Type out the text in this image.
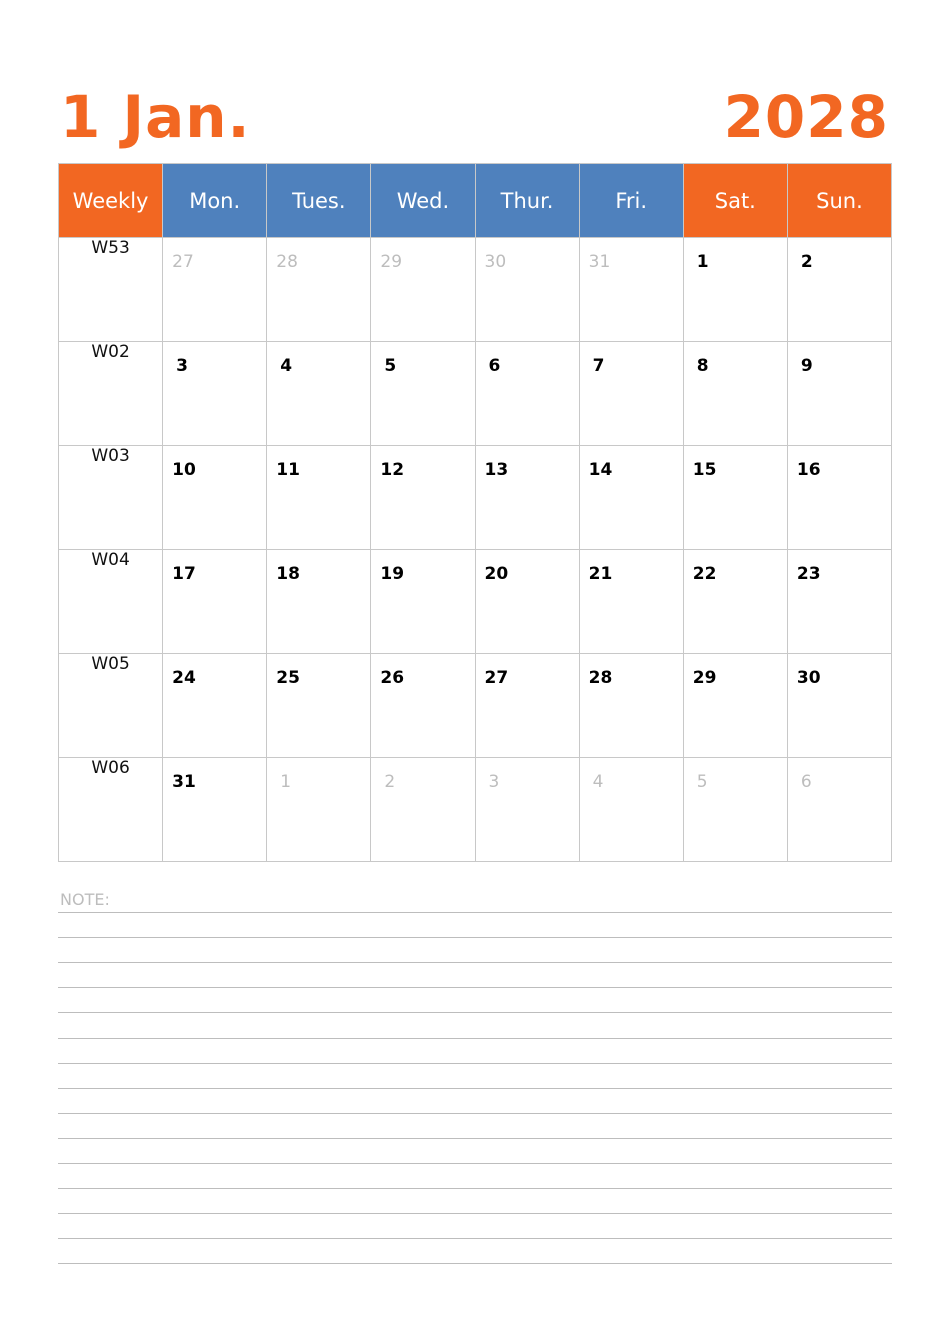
1 Jan.	2028
Weekly	Mon.	Tues.	Wed.	Thur.	Fri.	Sat.	Sun.
W53	27	28	29	30	31	1	2

W02	3	4	5	6	7	8	9

W03	10	11	12	13	14	15	16

W04	17	18	19	20	21	22	23

W05	24	25	26	27	28	29	30

W06	31	1	2	3	4	5	6
NOTE:
